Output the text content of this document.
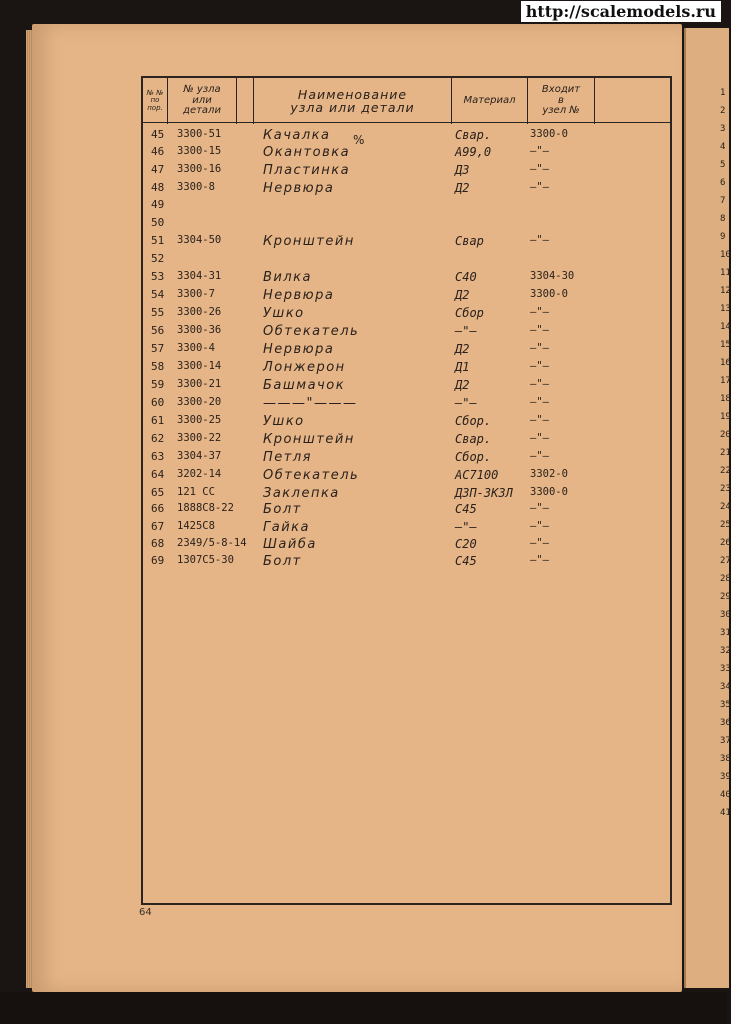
http://scalemodels.ru
№ №
по
пор.
№ узла
или
детали
Наименование
узла или детали	Материал
Входит
в
узел №
45 3300-51	Качалка	Свар.	3300-0
46 3300-15	Окантовка	А99,0	—"—
47 3300-16	Пластинка	Д3	—"—
48 3300-8	Нервюра	Д2	—"—
49
50
51 3304-50	Кронштейн	Свар	—"—
52
53 3304-31	Вилка	С40	3304-30
54 3300-7	Нервюра	Д2	3300-0
55 3300-26	Ушко	Сбор	—"—
56 3300-36	Обтекатель	—"—	—"—
57 3300-4	Нервюра	Д2	—"—
58 3300-14	Лонжерон	Д1	—"—
59 3300-21	Башмачок	Д2	—"—
60 3300-20	———"———	—"—	—"—
61 3300-25	Ушко	Сбор.	—"—
62 3300-22	Кронштейн	Свар.	—"—
63 3304-37	Петля	Сбор.	—"—
64 3202-14	Обтекатель	АС7100	3302-0
65 121 СС	Заклепка	Д3П-3К3Л 3300-0
66 1888С8-22 Болт	С45	—"—
67 1425С8	Гайка	—"—	—"—
68 2349/5-8-14 Шайба	С20	—"—
69 1307С5-30 Болт	С45	—"—
%
64
1
2
3
4
5
6
7
8
9
10
11
12
13
14
15
16
17
18
19
20
21
22
23
24
25
26
27
28
29
30
31
32
33
34
35
36
37
38
39
40
41
